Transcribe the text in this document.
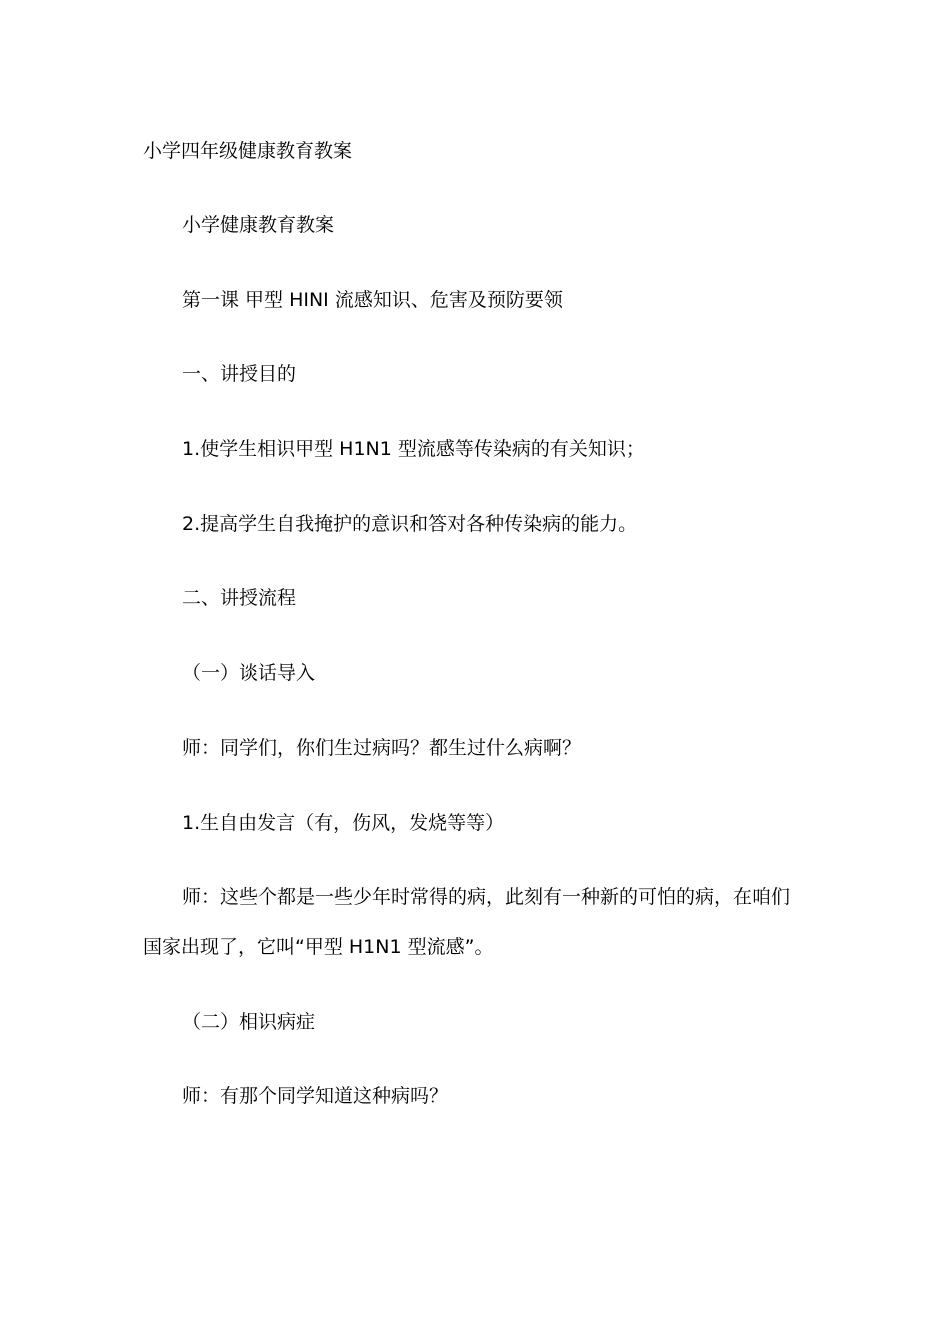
小学四年级健康教育教案
小学健康教育教案
第一课 甲型 HINI 流感知识、危害及预防要领
一、讲授目的
1.使学生相识甲型 H1N1 型流感等传染病的有关知识；
2.提高学生自我掩护的意识和答对各种传染病的能力。
二、讲授流程
（一）谈话导入
师：同学们，你们生过病吗？都生过什么病啊？
1.生自由发言（有，伤风，发烧等等）
师：这些个都是一些少年时常得的病，此刻有一种新的可怕的病，在咱们
国家出现了，它叫“甲型 H1N1 型流感”。
（二）相识病症
师：有那个同学知道这种病吗？
